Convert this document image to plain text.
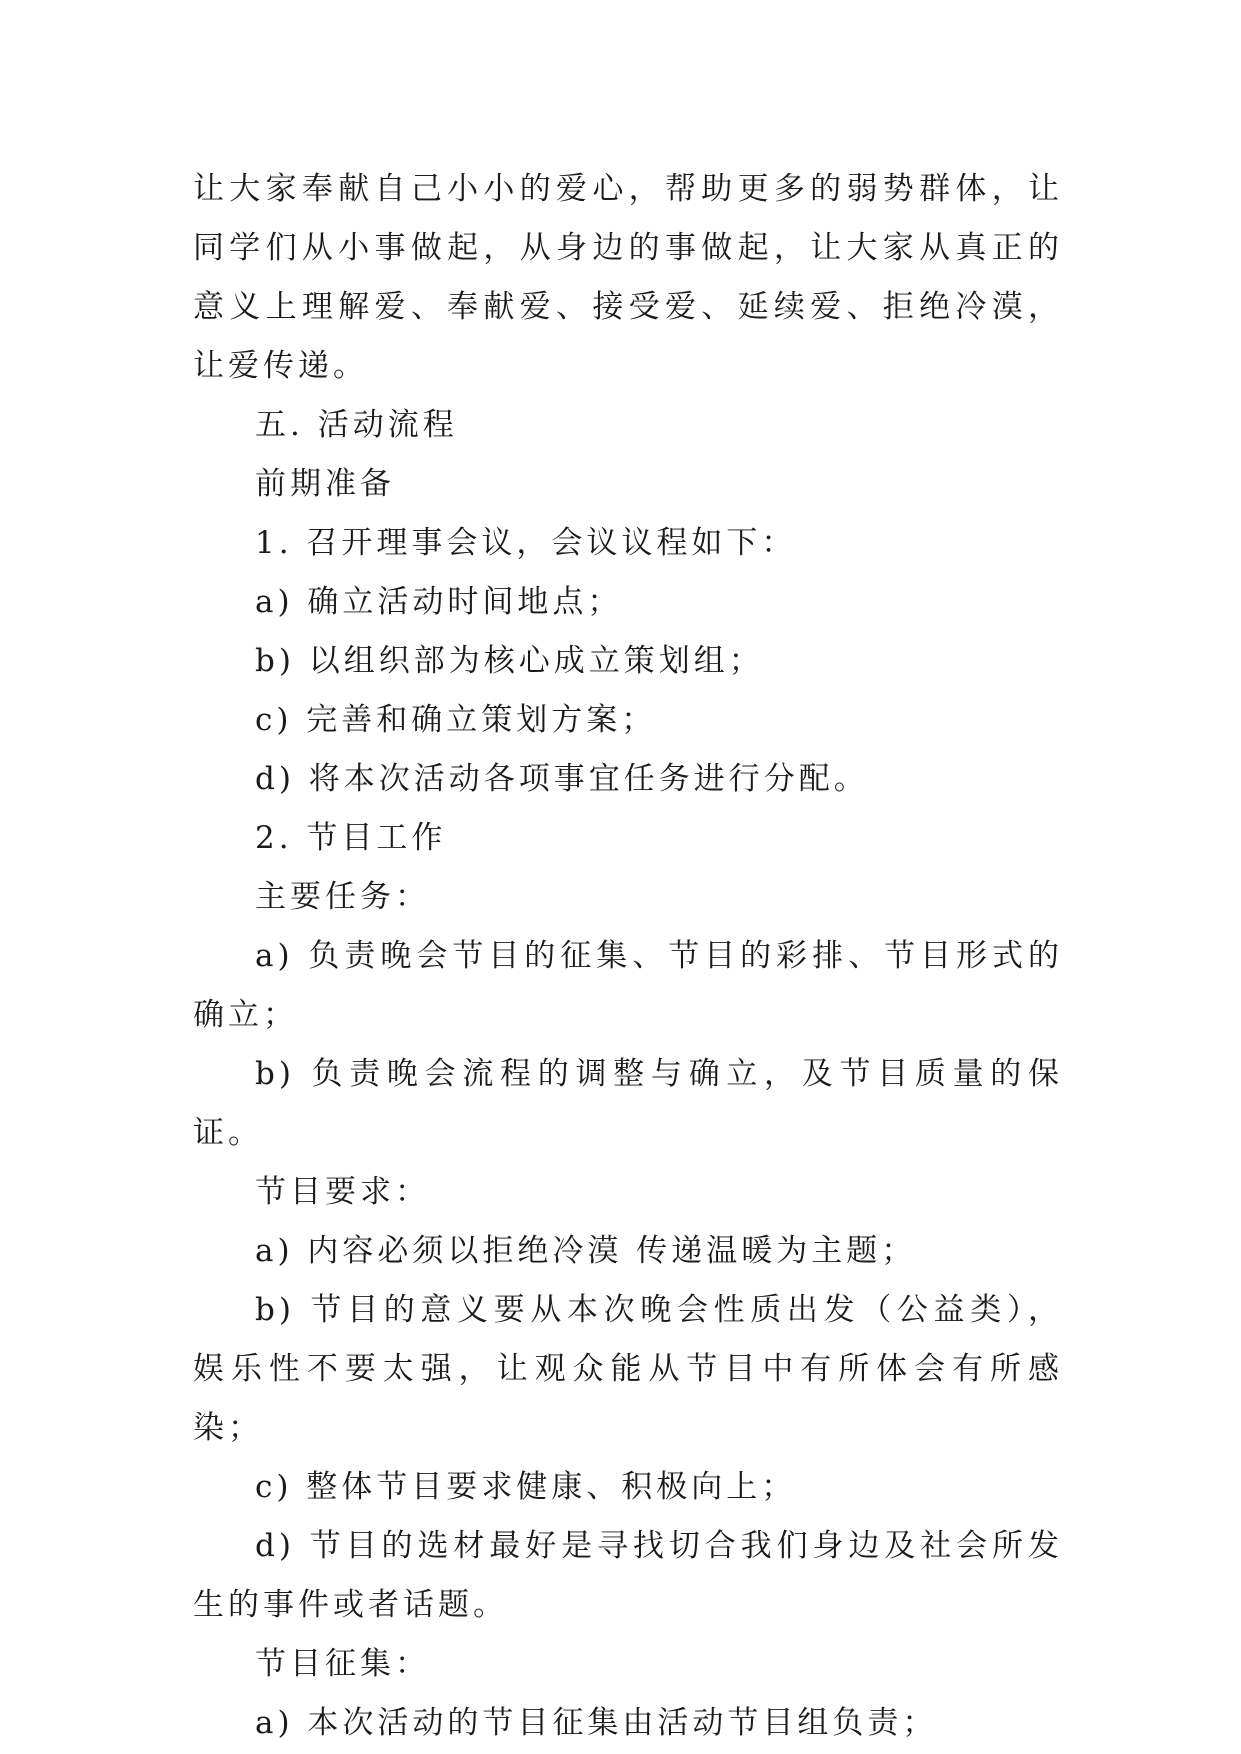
让大家奉献自己小小的爱心，帮助更多的弱势群体，让同学们从小事做起，从身边的事做起，让大家从真正的意义上理解爱、奉献爱、接受爱、延续爱、拒绝冷漠，让爱传递。

五. 活动流程

前期准备

1. 召开理事会议，会议议程如下：

a) 确立活动时间地点；

b) 以组织部为核心成立策划组；

c) 完善和确立策划方案；

d) 将本次活动各项事宜任务进行分配。

2. 节目工作

主要任务：

a) 负责晚会节目的征集、节目的彩排、节目形式的确立；

b) 负责晚会流程的调整与确立，及节目质量的保证。

节目要求：

a) 内容必须以拒绝冷漠 传递温暖为主题；

b) 节目的意义要从本次晚会性质出发（公益类），娱乐性不要太强，让观众能从节目中有所体会有所感染；

c) 整体节目要求健康、积极向上；

d) 节目的选材最好是寻找切合我们身边及社会所发生的事件或者话题。

节目征集：

a) 本次活动的节目征集由活动节目组负责；
